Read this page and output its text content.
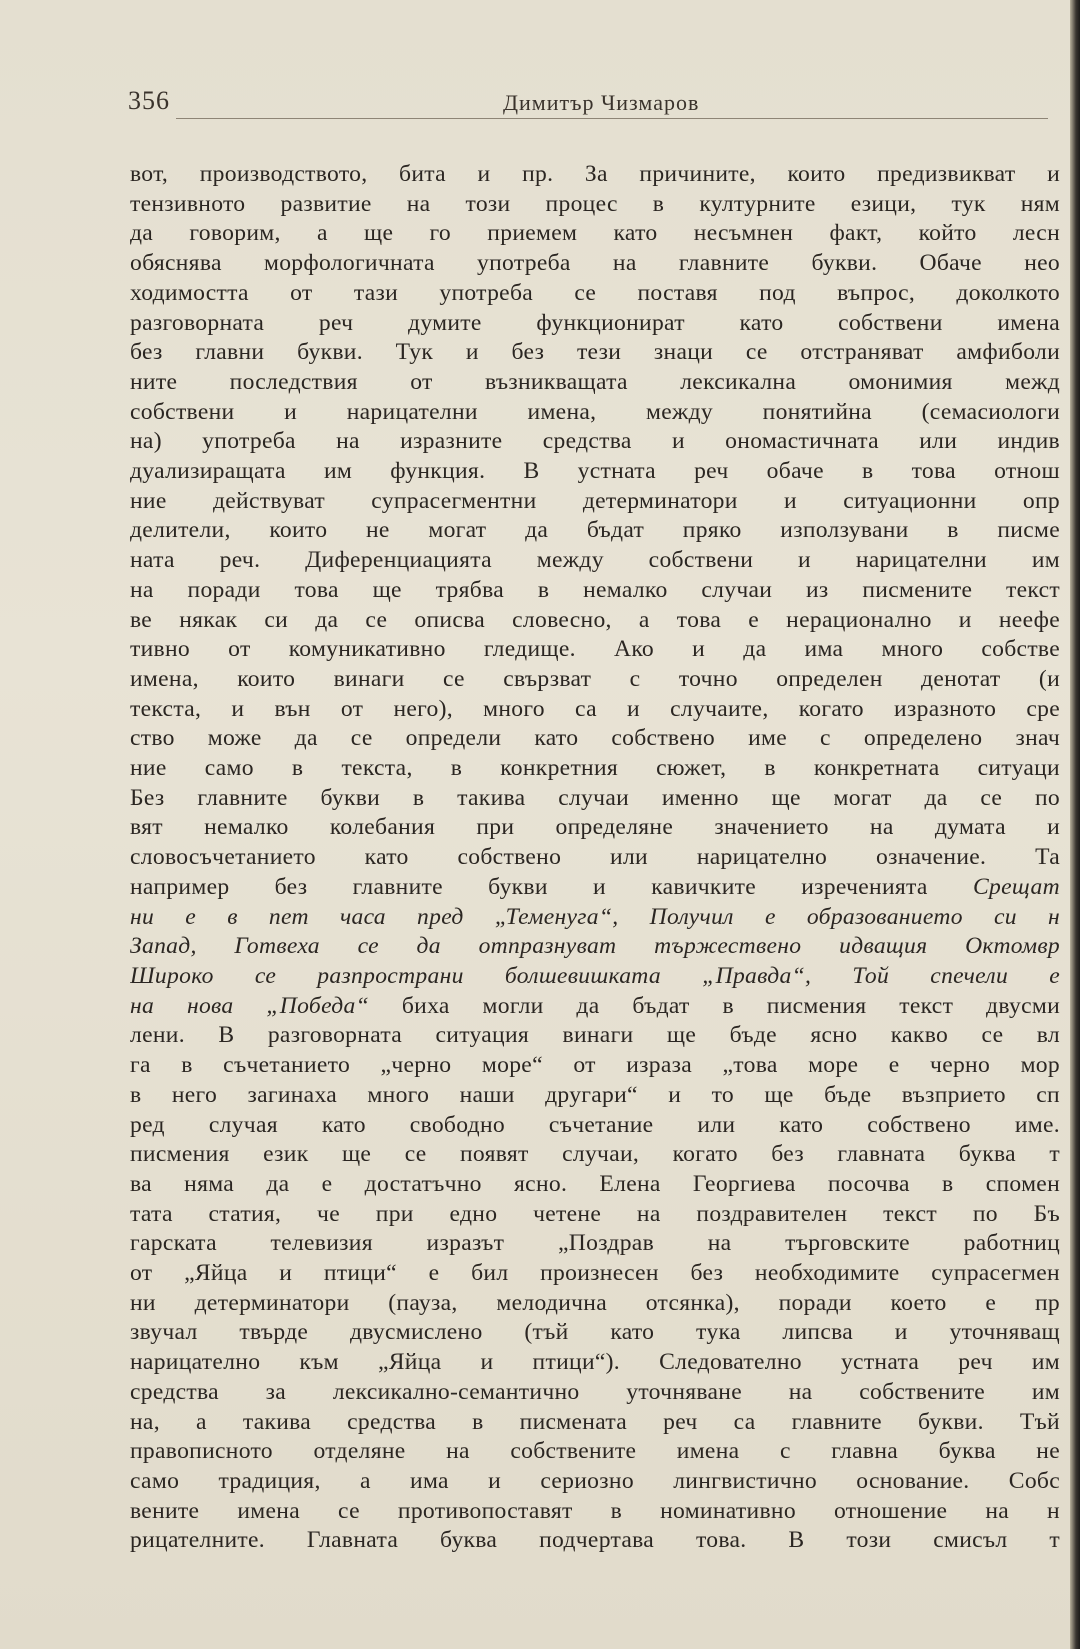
356	Димитър Чизмаров
вот, производството, бита и пр. За причините, които предизвикват и
тензивното развитие на този процес в културните езици, тук ням
да говорим, а ще го приемем като несъмнен факт, който лесн
обяснява морфологичната употреба на главните букви. Обаче нео
ходимостта от тази употреба се поставя под въпрос, доколкото
разговорната реч думите функционират като собствени имена
без главни букви. Тук и без тези знаци се отстраняват амфиболи
ните последствия от възникващата лексикална омонимия межд
собствени и нарицателни имена, между понятийна (семасиологи
на) употреба на изразните средства и ономастичната или индив
дуализиращата им функция. В устната реч обаче в това отнош
ние действуват супрасегментни детерминатори и ситуационни опр
делители, които не могат да бъдат пряко използувани в писме
ната реч. Диференциацията между собствени и нарицателни им
на поради това ще трябва в немалко случаи из писмените текст
ве някак си да се описва словесно, а това е нерационално и неефе
тивно от комуникативно гледище. Ако и да има много собстве
имена, които винаги се свързват с точно определен денотат (и
текста, и вън от него), много са и случаите, когато изразното сре
ство може да се определи като собствено име с определено знач
ние само в текста, в конкретния сюжет, в конкретната ситуаци
Без главните букви в такива случаи именно ще могат да се по
вят немалко колебания при определяне значението на думата и
словосъчетанието като собствено или нарицателно означение. Та
например без главните букви и кавичките изреченията Срещат
ни е в пет часа пред „Теменуга“, Получил е образованието си н
Запад, Готвеха се да отпразнуват тържествено идващия Октомвр
Широко се разпространи болшевишката „Правда“, Той спечели е
на нова „Победа“ биха могли да бъдат в писмения текст двусми
лени. В разговорната ситуация винаги ще бъде ясно какво се вл
га в съчетанието „черно море“ от израза „това море е черно мор
в него загинаха много наши другари“ и то ще бъде възприето сп
ред случая като свободно съчетание или като собствено име.
писмения език ще се появят случаи, когато без главната буква т
ва няма да е достатъчно ясно. Елена Георгиева посочва в спомен
тата статия, че при едно четене на поздравителен текст по Бъ
гарската телевизия изразът „Поздрав на търговските работниц
от „Яйца и птици“ е бил произнесен без необходимите супрасегмен
ни детерминатори (пауза, мелодична отсянка), поради което е пр
звучал твърде двусмислено (тъй като тука липсва и уточняващ
нарицателно към „Яйца и птици“). Следователно устната реч им
средства за лексикално-семантично уточняване на собствените им
на, а такива средства в писмената реч са главните букви. Тъй
правописното отделяне на собствените имена с главна буква не
само традиция, а има и сериозно лингвистично основание. Собс
вените имена се противопоставят в номинативно отношение на н
рицателните. Главната буква подчертава това. В този смисъл т
